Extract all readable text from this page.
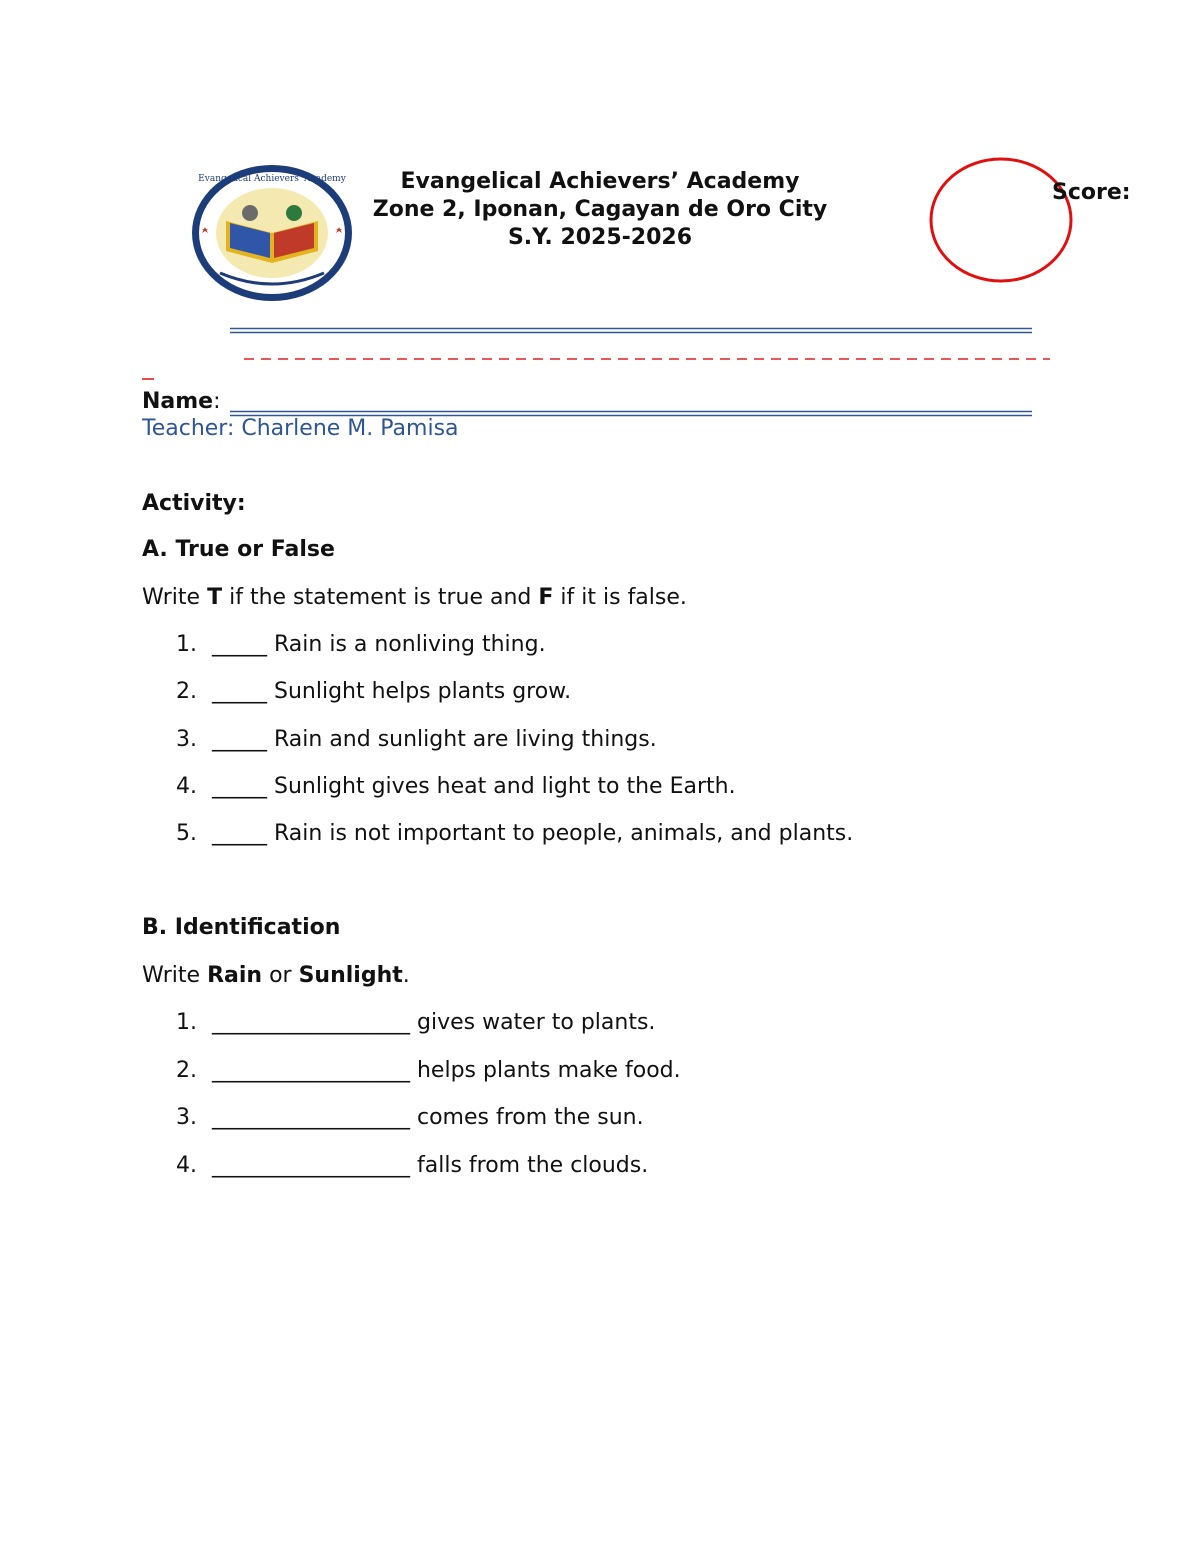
Evangelical Achievers' Academy	Evangelical Achievers’ Academy
Zone 2, Iponan, Cagayan de Oro City
S.Y. 2025-2026
Score:
Name:
Teacher: Charlene M. Pamisa
Activity:
A. True or False
Write T if the statement is true and F if it is false.
1. _____ Rain is a nonliving thing.
2. _____ Sunlight helps plants grow.
3. _____ Rain and sunlight are living things.
4. _____ Sunlight gives heat and light to the Earth.
5. _____ Rain is not important to people, animals, and plants.
B. Identification
Write Rain or Sunlight.
1. __________________ gives water to plants.
2. __________________ helps plants make food.
3. __________________ comes from the sun.
4. __________________ falls from the clouds.
